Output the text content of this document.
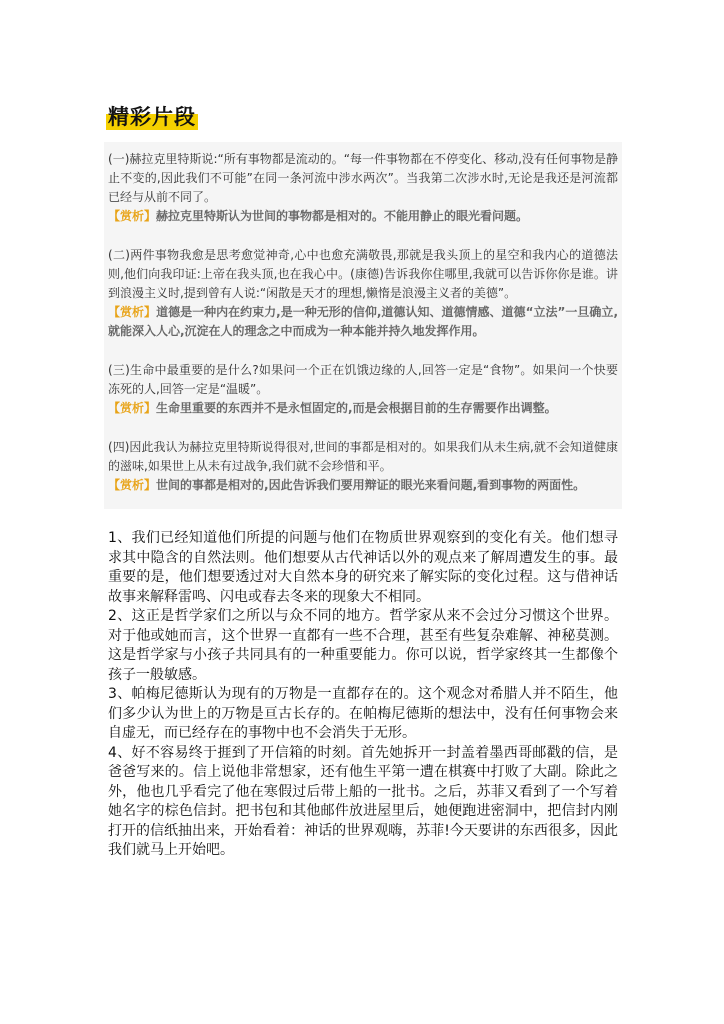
精彩片段

(一)赫拉克里特斯说:“所有事物都是流动的。“每一件事物都在不停变化、移动,没有任何事物是静止不变的,因此我们不可能”在同一条河流中涉水两次”。当我第二次涉水时,无论是我还是河流都已经与从前不同了。

【赏析】赫拉克里特斯认为世间的事物都是相对的。不能用静止的眼光看问题。

(二)两件事物我愈是思考愈觉神奇,心中也愈充满敬畏,那就是我头顶上的星空和我内心的道德法则,他们向我印证:上帝在我头顶,也在我心中。(康德)告诉我你住哪里,我就可以告诉你你是谁。讲到浪漫主义时,提到曾有人说:“闲散是天才的理想,懒惰是浪漫主义者的美德”。

【赏析】道德是一种内在约束力,是一种无形的信仰,道德认知、道德情感、道德“立法”一旦确立,就能深入人心,沉淀在人的理念之中而成为一种本能并持久地发挥作用。

(三)生命中最重要的是什么?如果问一个正在饥饿边缘的人,回答一定是“食物”。如果问一个快要冻死的人,回答一定是“温暖”。

【赏析】生命里重要的东西并不是永恒固定的,而是会根据目前的生存需要作出调整。

(四)因此我认为赫拉克里特斯说得很对,世间的事都是相对的。如果我们从未生病,就不会知道健康的滋味,如果世上从未有过战争,我们就不会珍惜和平。

【赏析】世间的事都是相对的,因此告诉我们要用辩证的眼光来看问题,看到事物的两面性。

1、我们已经知道他们所提的问题与他们在物质世界观察到的变化有关。他们想寻求其中隐含的自然法则。他们想要从古代神话以外的观点来了解周遭发生的事。最重要的是，他们想要透过对大自然本身的研究来了解实际的变化过程。这与借神话故事来解释雷鸣、闪电或春去冬来的现象大不相同。

2、这正是哲学家们之所以与众不同的地方。哲学家从来不会过分习惯这个世界。对于他或她而言，这个世界一直都有一些不合理，甚至有些复杂难解、神秘莫测。这是哲学家与小孩子共同具有的一种重要能力。你可以说，哲学家终其一生都像个孩子一般敏感。

3、帕梅尼德斯认为现有的万物是一直都存在的。这个观念对希腊人并不陌生，他们多少认为世上的万物是亘古长存的。在帕梅尼德斯的想法中，没有任何事物会来自虚无，而已经存在的事物中也不会消失于无形。

4、好不容易终于捱到了开信箱的时刻。首先她拆开一封盖着墨西哥邮戳的信，是爸爸写来的。信上说他非常想家，还有他生平第一遭在棋赛中打败了大副。除此之外，他也几乎看完了他在寒假过后带上船的一批书。之后，苏菲又看到了一个写着她名字的棕色信封。把书包和其他邮件放进屋里后，她便跑进密洞中，把信封内刚打开的信纸抽出来，开始看着：神话的世界观嗨，苏菲!今天要讲的东西很多，因此我们就马上开始吧。
